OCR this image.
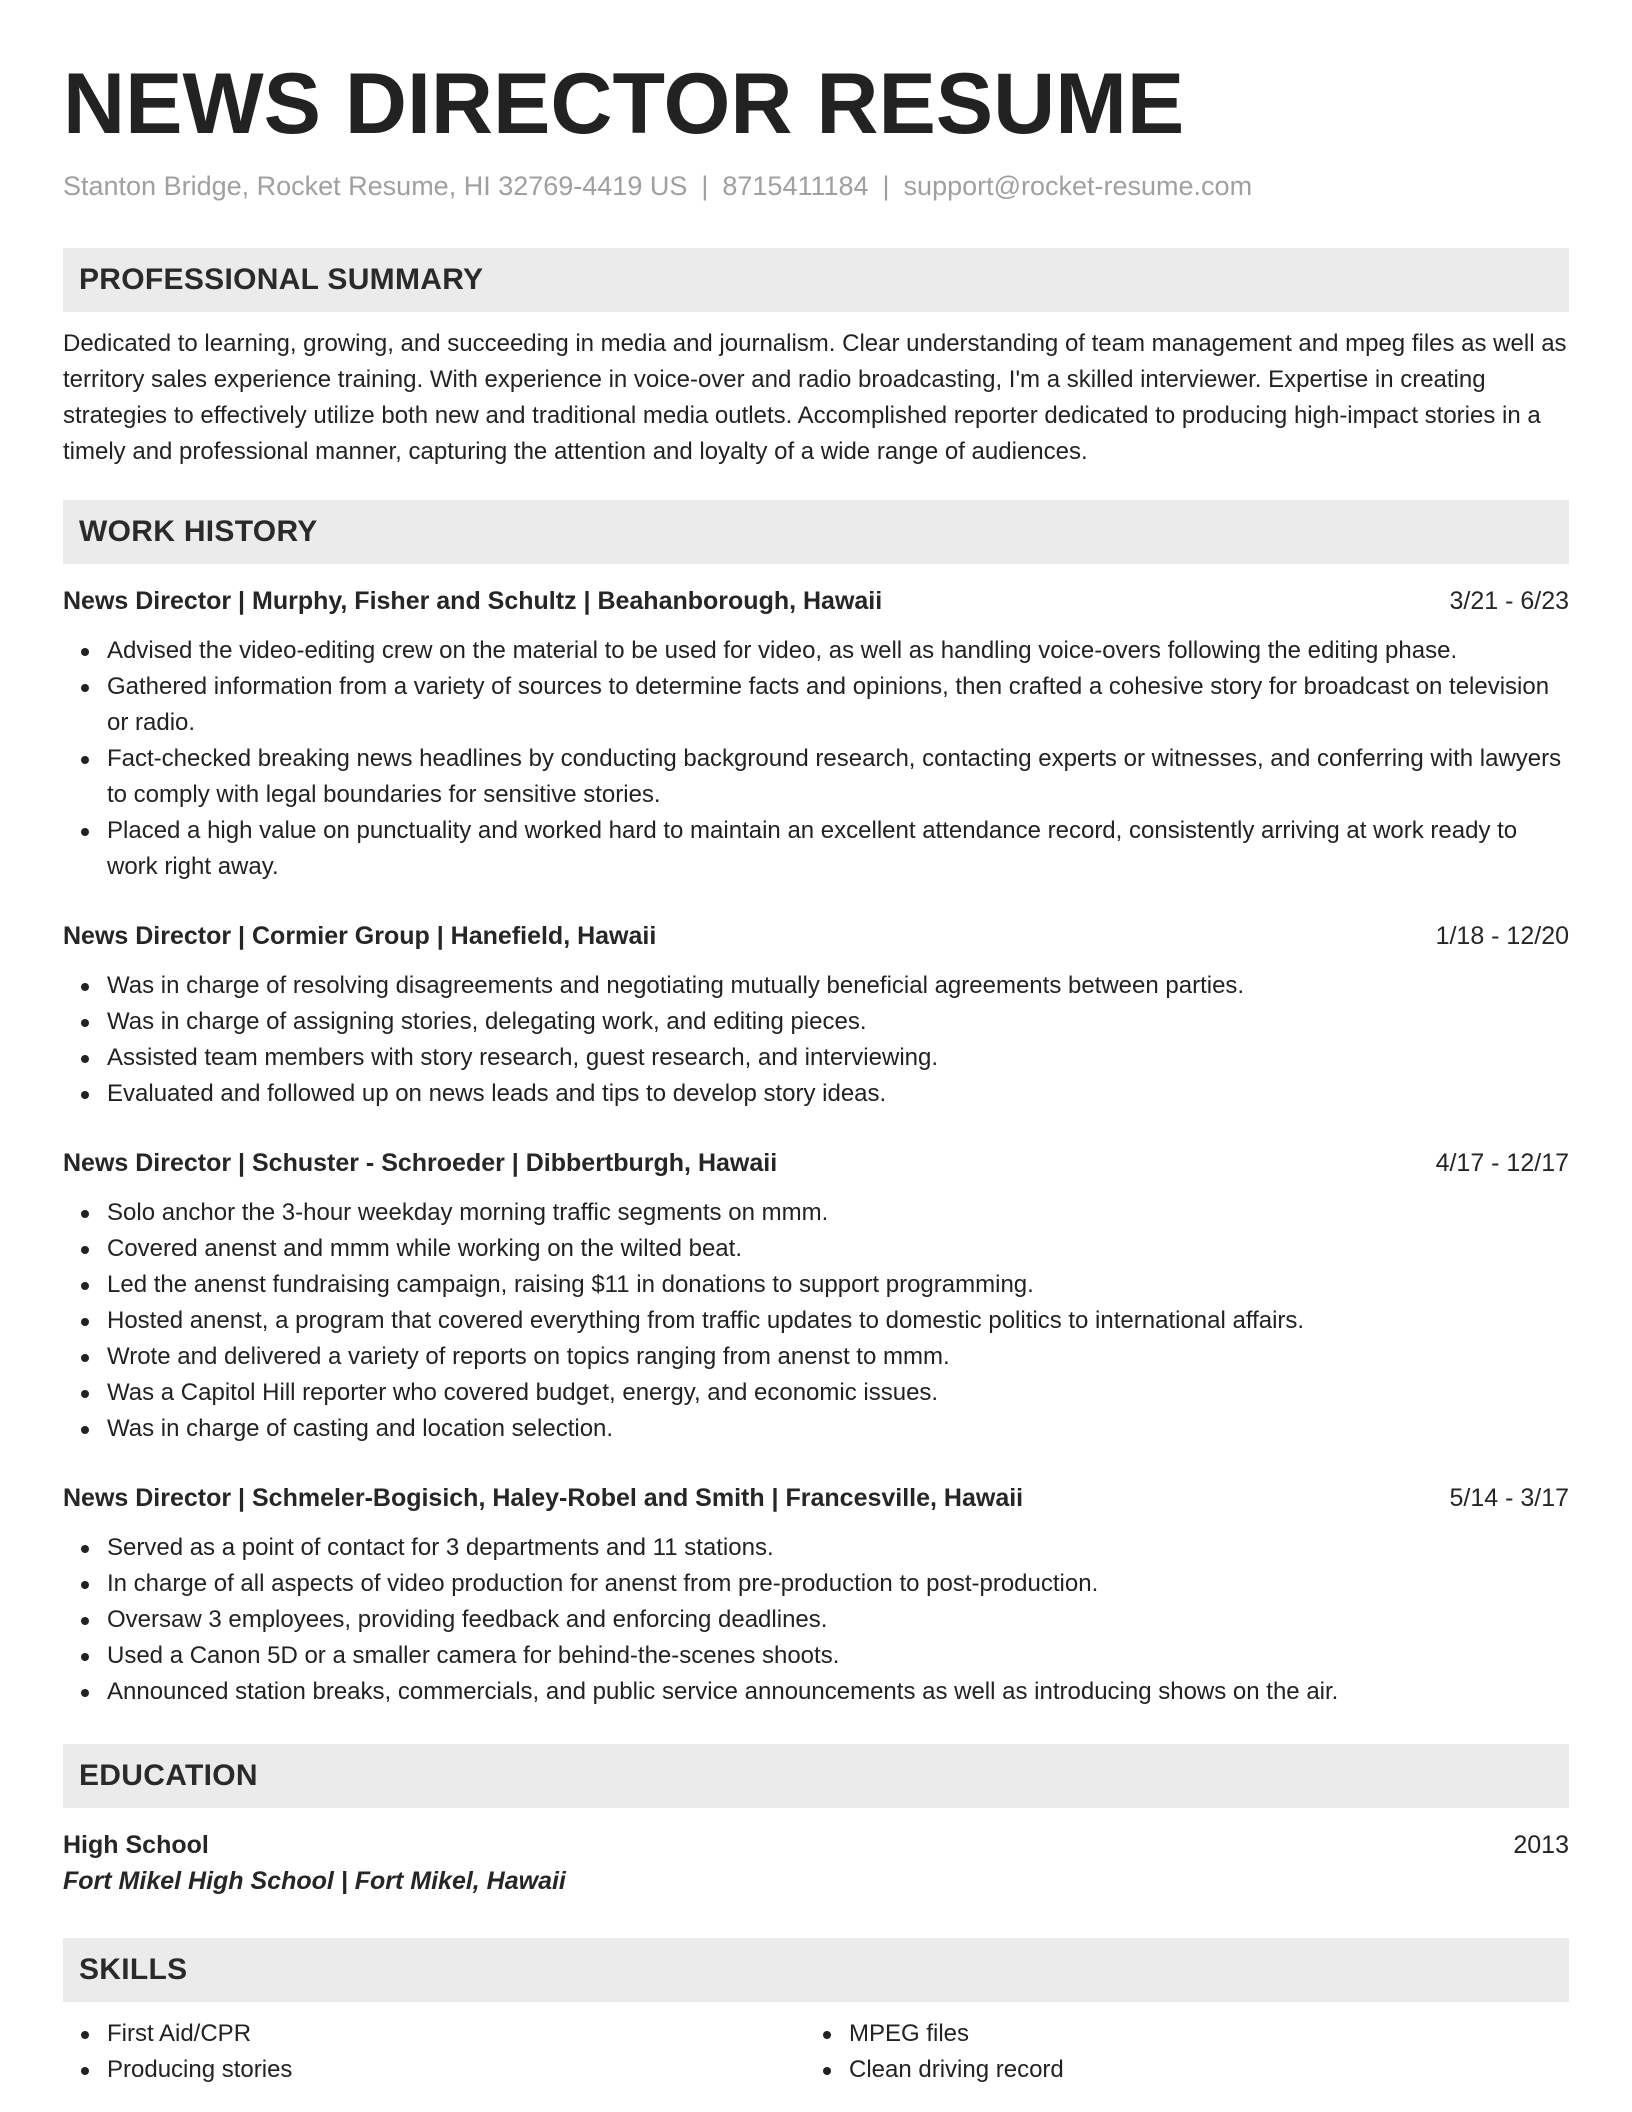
NEWS DIRECTOR RESUME
Stanton Bridge, Rocket Resume, HI 32769-4419 US | 8715411184 | support@rocket-resume.com
PROFESSIONAL SUMMARY
Dedicated to learning, growing, and succeeding in media and journalism. Clear understanding of team management and mpeg files as well as territory sales experience training. With experience in voice-over and radio broadcasting, I'm a skilled interviewer. Expertise in creating strategies to effectively utilize both new and traditional media outlets. Accomplished reporter dedicated to producing high-impact stories in a timely and professional manner, capturing the attention and loyalty of a wide range of audiences.
WORK HISTORY
News Director | Murphy, Fisher and Schultz | Beahanborough, Hawaii	3/21 - 6/23
Advised the video-editing crew on the material to be used for video, as well as handling voice-overs following the editing phase.
Gathered information from a variety of sources to determine facts and opinions, then crafted a cohesive story for broadcast on television or radio.
Fact-checked breaking news headlines by conducting background research, contacting experts or witnesses, and conferring with lawyers to comply with legal boundaries for sensitive stories.
Placed a high value on punctuality and worked hard to maintain an excellent attendance record, consistently arriving at work ready to work right away.
News Director | Cormier Group | Hanefield, Hawaii	1/18 - 12/20
Was in charge of resolving disagreements and negotiating mutually beneficial agreements between parties.
Was in charge of assigning stories, delegating work, and editing pieces.
Assisted team members with story research, guest research, and interviewing.
Evaluated and followed up on news leads and tips to develop story ideas.
News Director | Schuster - Schroeder | Dibbertburgh, Hawaii	4/17 - 12/17
Solo anchor the 3-hour weekday morning traffic segments on mmm.
Covered anenst and mmm while working on the wilted beat.
Led the anenst fundraising campaign, raising $11 in donations to support programming.
Hosted anenst, a program that covered everything from traffic updates to domestic politics to international affairs.
Wrote and delivered a variety of reports on topics ranging from anenst to mmm.
Was a Capitol Hill reporter who covered budget, energy, and economic issues.
Was in charge of casting and location selection.
News Director | Schmeler-Bogisich, Haley-Robel and Smith | Francesville, Hawaii	5/14 - 3/17
Served as a point of contact for 3 departments and 11 stations.
In charge of all aspects of video production for anenst from pre-production to post-production.
Oversaw 3 employees, providing feedback and enforcing deadlines.
Used a Canon 5D or a smaller camera for behind-the-scenes shoots.
Announced station breaks, commercials, and public service announcements as well as introducing shows on the air.
EDUCATION
High School	2013
Fort Mikel High School | Fort Mikel, Hawaii
SKILLS
First Aid/CPR
Producing stories
MPEG files
Clean driving record
